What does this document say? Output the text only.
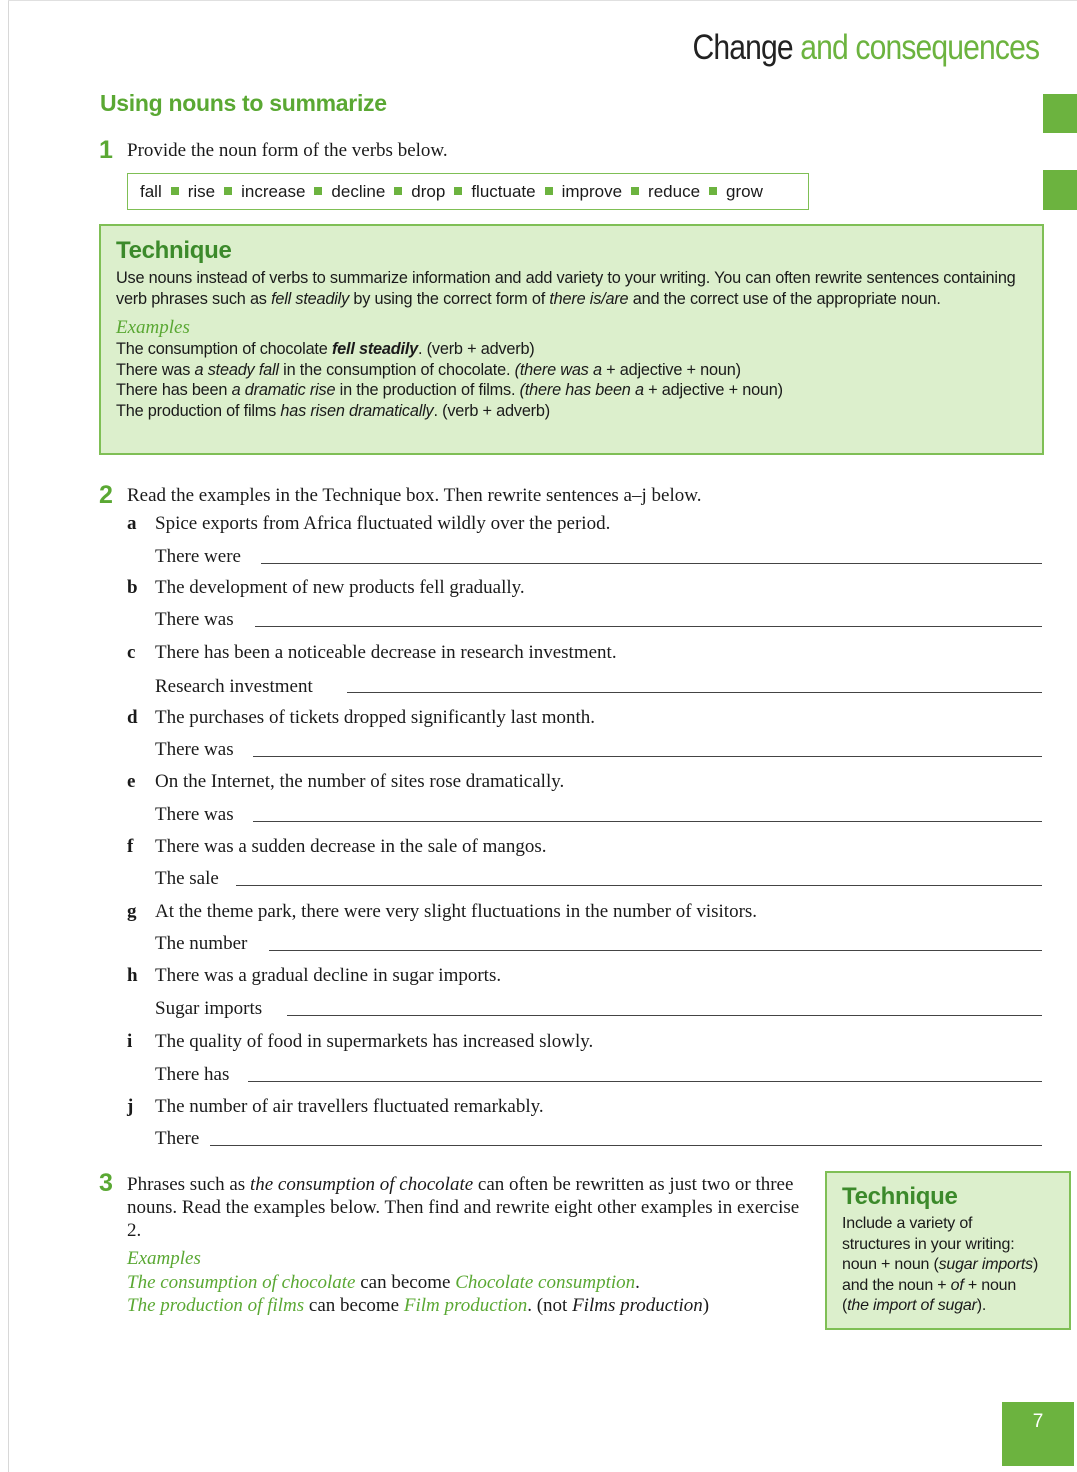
Change and consequences
Using nouns to summarize
1 Provide the noun form of the verbs below.
fall rise increase decline drop fluctuate improve reduce grow
Technique
Use nouns instead of verbs to summarize information and add variety to your writing. You can often rewrite sentences containing verb phrases such as fell steadily by using the correct form of there is/are and the correct use of the appropriate noun.
Examples
The consumption of chocolate fell steadily. (verb + adverb)
There was a steady fall in the consumption of chocolate. (there was a + adjective + noun)
There has been a dramatic rise in the production of films. (there has been a + adjective + noun)
The production of films has risen dramatically. (verb + adverb)
2 Read the examples in the Technique box. Then rewrite sentences a–j below.
a Spice exports from Africa fluctuated wildly over the period.
There were
b The development of new products fell gradually.
There was
c There has been a noticeable decrease in research investment.
Research investment
d The purchases of tickets dropped significantly last month.
There was
e On the Internet, the number of sites rose dramatically.
There was
f There was a sudden decrease in the sale of mangos.
The sale
g At the theme park, there were very slight fluctuations in the number of visitors.
The number
h There was a gradual decline in sugar imports.
Sugar imports
i The quality of food in supermarkets has increased slowly.
There has
j The number of air travellers fluctuated remarkably.
There
3 Phrases such as the consumption of chocolate can often be rewritten as just two or three nouns. Read the examples below. Then find and rewrite eight other examples in exercise 2.
Examples
The consumption of chocolate can become Chocolate consumption.
The production of films can become Film production. (not Films production)
Technique
Include a variety of
structures in your writing:
noun + noun (sugar imports)
and the noun + of + noun
(the import of sugar).
7
